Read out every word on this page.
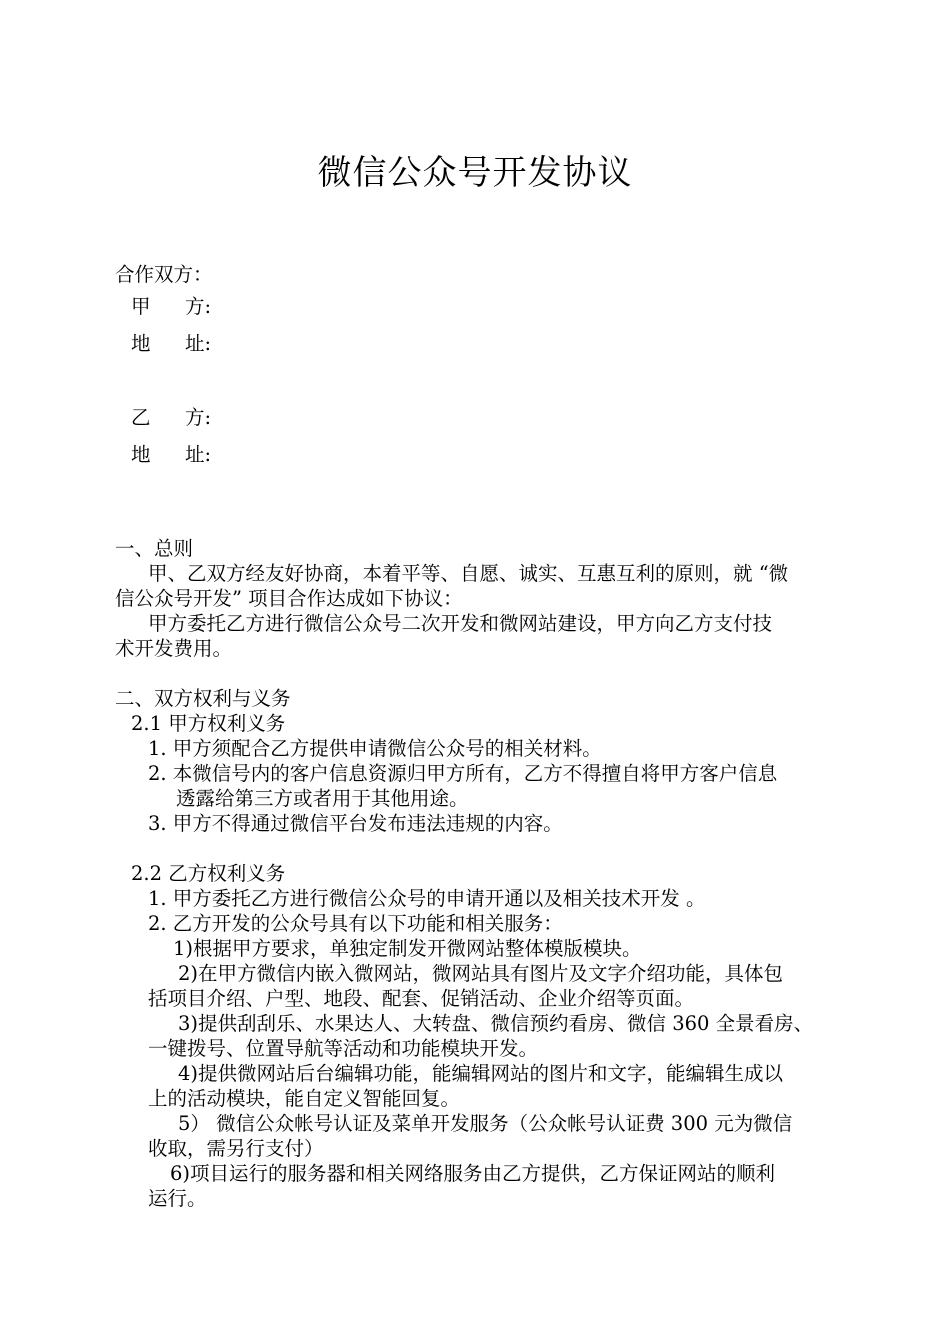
微信公众号开发协议
合作双方：
甲 方:
地 址:
乙 方:
地 址:
一、总则
甲、乙双方经友好协商，本着平等、自愿、诚实、互惠互利的原则，就 “微
信公众号开发” 项目合作达成如下协议：
甲方委托乙方进行微信公众号二次开发和微网站建设，甲方向乙方支付技
术开发费用。
二、双方权利与义务
2.1 甲方权利义务
1. 甲方须配合乙方提供申请微信公众号的相关材料。
2. 本微信号内的客户信息资源归甲方所有，乙方不得擅自将甲方客户信息
透露给第三方或者用于其他用途。
3. 甲方不得通过微信平台发布违法违规的内容。
2.2 乙方权利义务
1. 甲方委托乙方进行微信公众号的申请开通以及相关技术开发 。
2. 乙方开发的公众号具有以下功能和相关服务：
1)根据甲方要求，单独定制发开微网站整体模版模块。
2)在甲方微信内嵌入微网站，微网站具有图片及文字介绍功能，具体包
括项目介绍、户型、地段、配套、促销活动、企业介绍等页面。
3)提供刮刮乐、水果达人、大转盘、微信预约看房、微信 360 全景看房、
一键拨号、位置导航等活动和功能模块开发。
4)提供微网站后台编辑功能，能编辑网站的图片和文字，能编辑生成以
上的活动模块，能自定义智能回复。
5） 微信公众帐号认证及菜单开发服务（公众帐号认证费 300 元为微信
收取，需另行支付）
6)项目运行的服务器和相关网络服务由乙方提供，乙方保证网站的顺利
运行。
